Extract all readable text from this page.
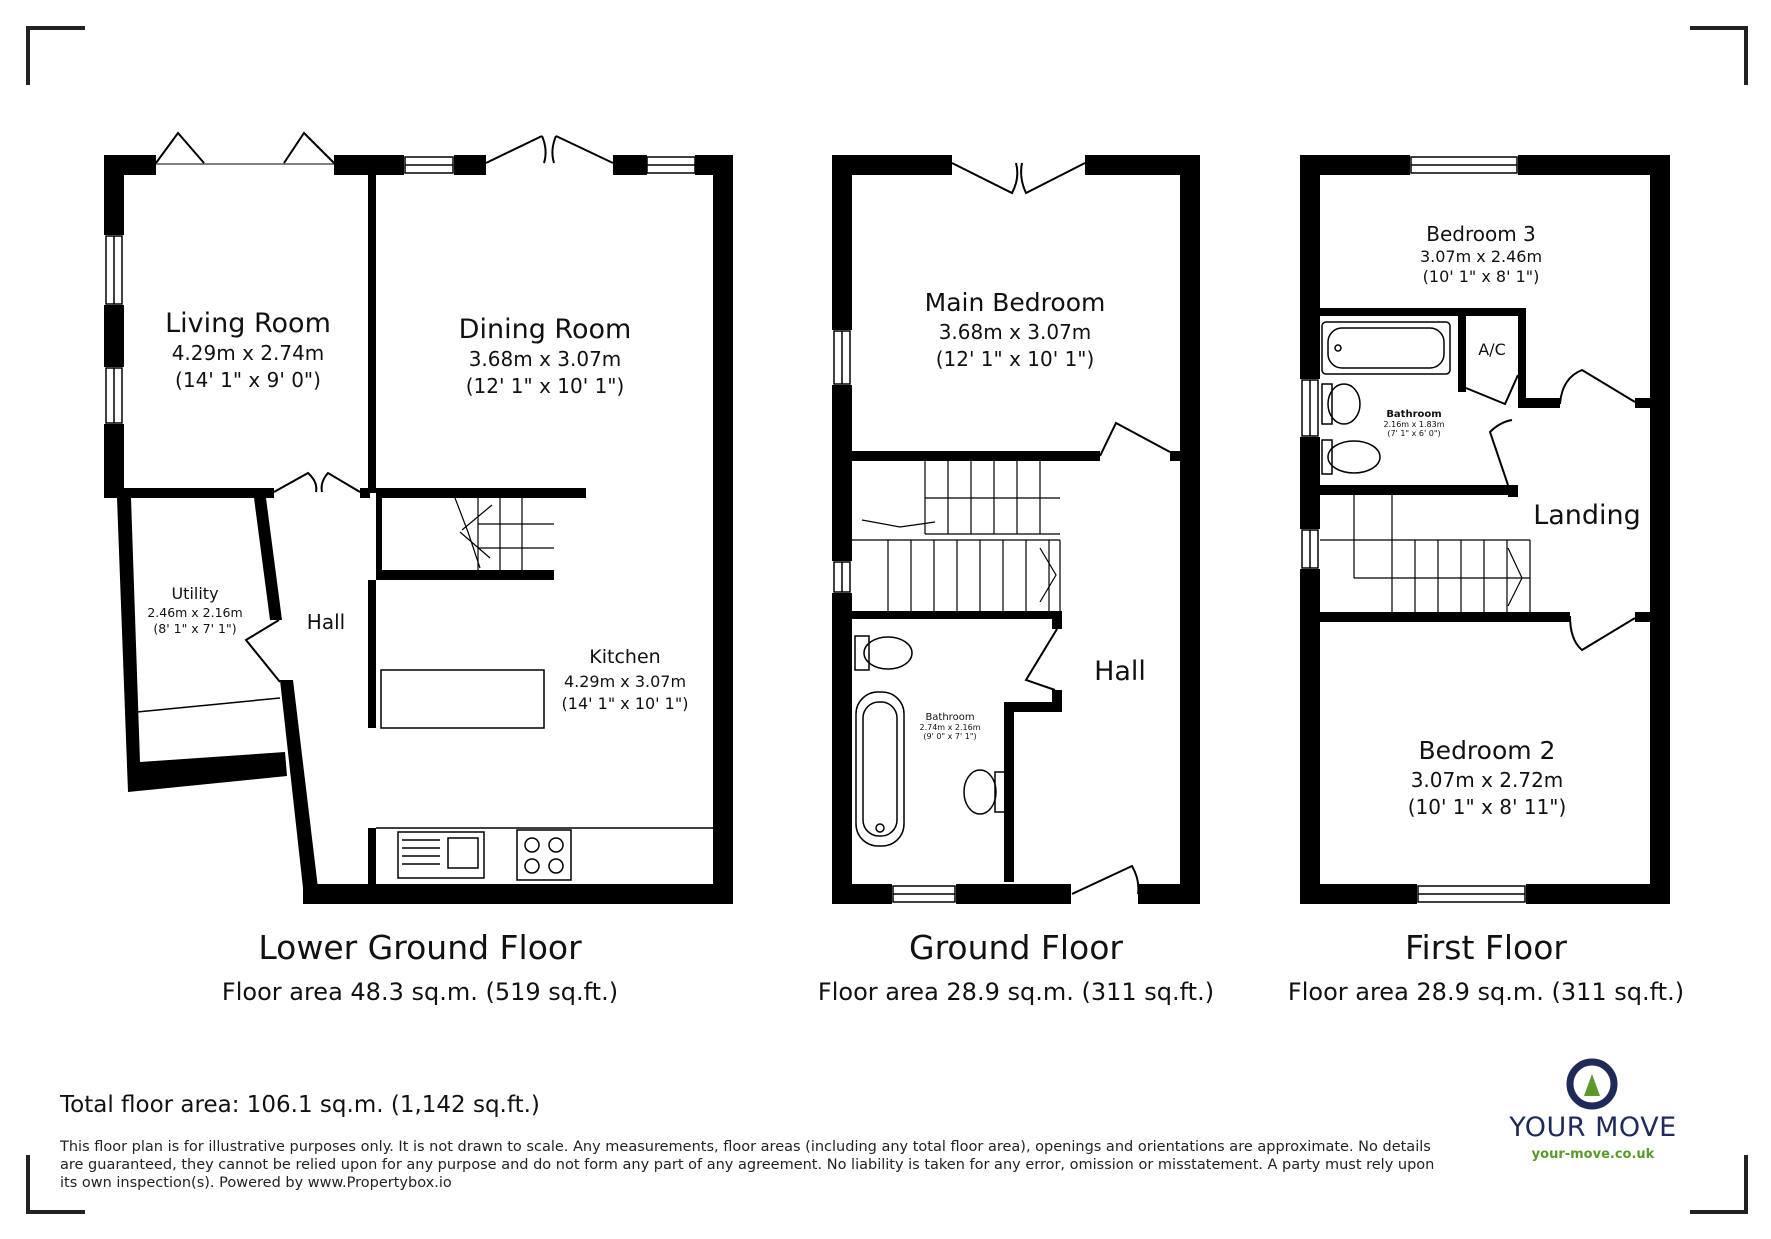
Living Room
4.29m x 2.74m
(14' 1" x 9' 0")
Dining Room
3.68m x 3.07m
(12' 1" x 10' 1")
Utility
2.46m x 2.16m
(8' 1" x 7' 1")	Hall
Kitchen
4.29m x 3.07m
(14' 1" x 10' 1")
Main Bedroom
3.68m x 3.07m
(12' 1" x 10' 1")
Bathroom
2.74m x 2.16m
(9' 0" x 7' 1")
Hall
Bedroom 3
3.07m x 2.46m
(10' 1" x 8' 1")
A/C
Bathroom
2.16m x 1.83m
(7' 1" x 6' 0")
Landing
Bedroom 2
3.07m x 2.72m
(10' 1" x 8' 11")
Lower Ground Floor
Floor area 48.3 sq.m. (519 sq.ft.)
Ground Floor
Floor area 28.9 sq.m. (311 sq.ft.)
First Floor
Floor area 28.9 sq.m. (311 sq.ft.)
Total floor area: 106.1 sq.m. (1,142 sq.ft.)
This floor plan is for illustrative purposes only. It is not drawn to scale. Any measurements, floor areas (including any total floor area), openings and orientations are approximate. No details are guaranteed, they cannot be relied upon for any purpose and do not form any part of any agreement. No liability is taken for any error, omission or misstatement. A party must rely upon its own inspection(s). Powered by www.Propertybox.io
YOUR MOVE
your-move.co.uk
